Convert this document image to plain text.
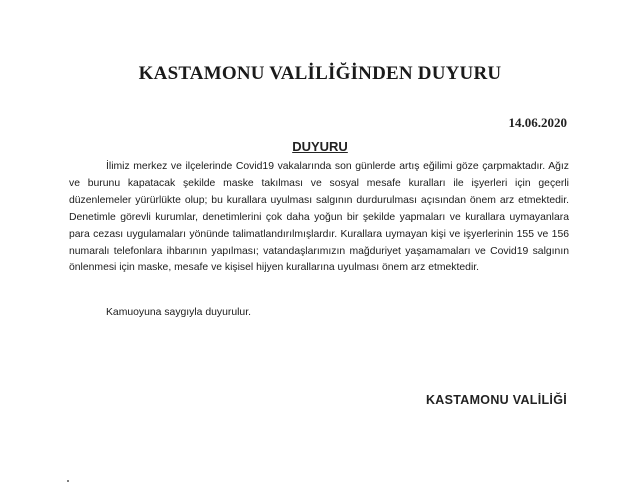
KASTAMONU VALİLİĞİNDEN DUYURU
14.06.2020
DUYURU

İlimiz merkez ve ilçelerinde Covid19 vakalarında son günlerde artış eğilimi göze çarpmaktadır. Ağız ve burunu kapatacak şekilde maske takılması ve sosyal mesafe kuralları ile işyerleri için geçerli düzenlemeler yürürlükte olup; bu kurallara uyulması salgının durdurulması açısından önem arz etmektedir. Denetimle görevli kurumlar, denetimlerini çok daha yoğun bir şekilde yapmaları ve kurallara uymayanlara para cezası uygulamaları yönünde talimatlandırılmışlardır. Kurallara uymayan kişi ve işyerlerinin 155 ve 156 numaralı telefonlara ihbarının yapılması; vatandaşlarımızın mağduriyet yaşamamaları ve Covid19 salgının önlenmesi için maske, mesafe ve kişisel hijyen kurallarına uyulması önem arz etmektedir.

Kamuoyuna saygıyla duyurulur.

KASTAMONU VALİLİĞİ
